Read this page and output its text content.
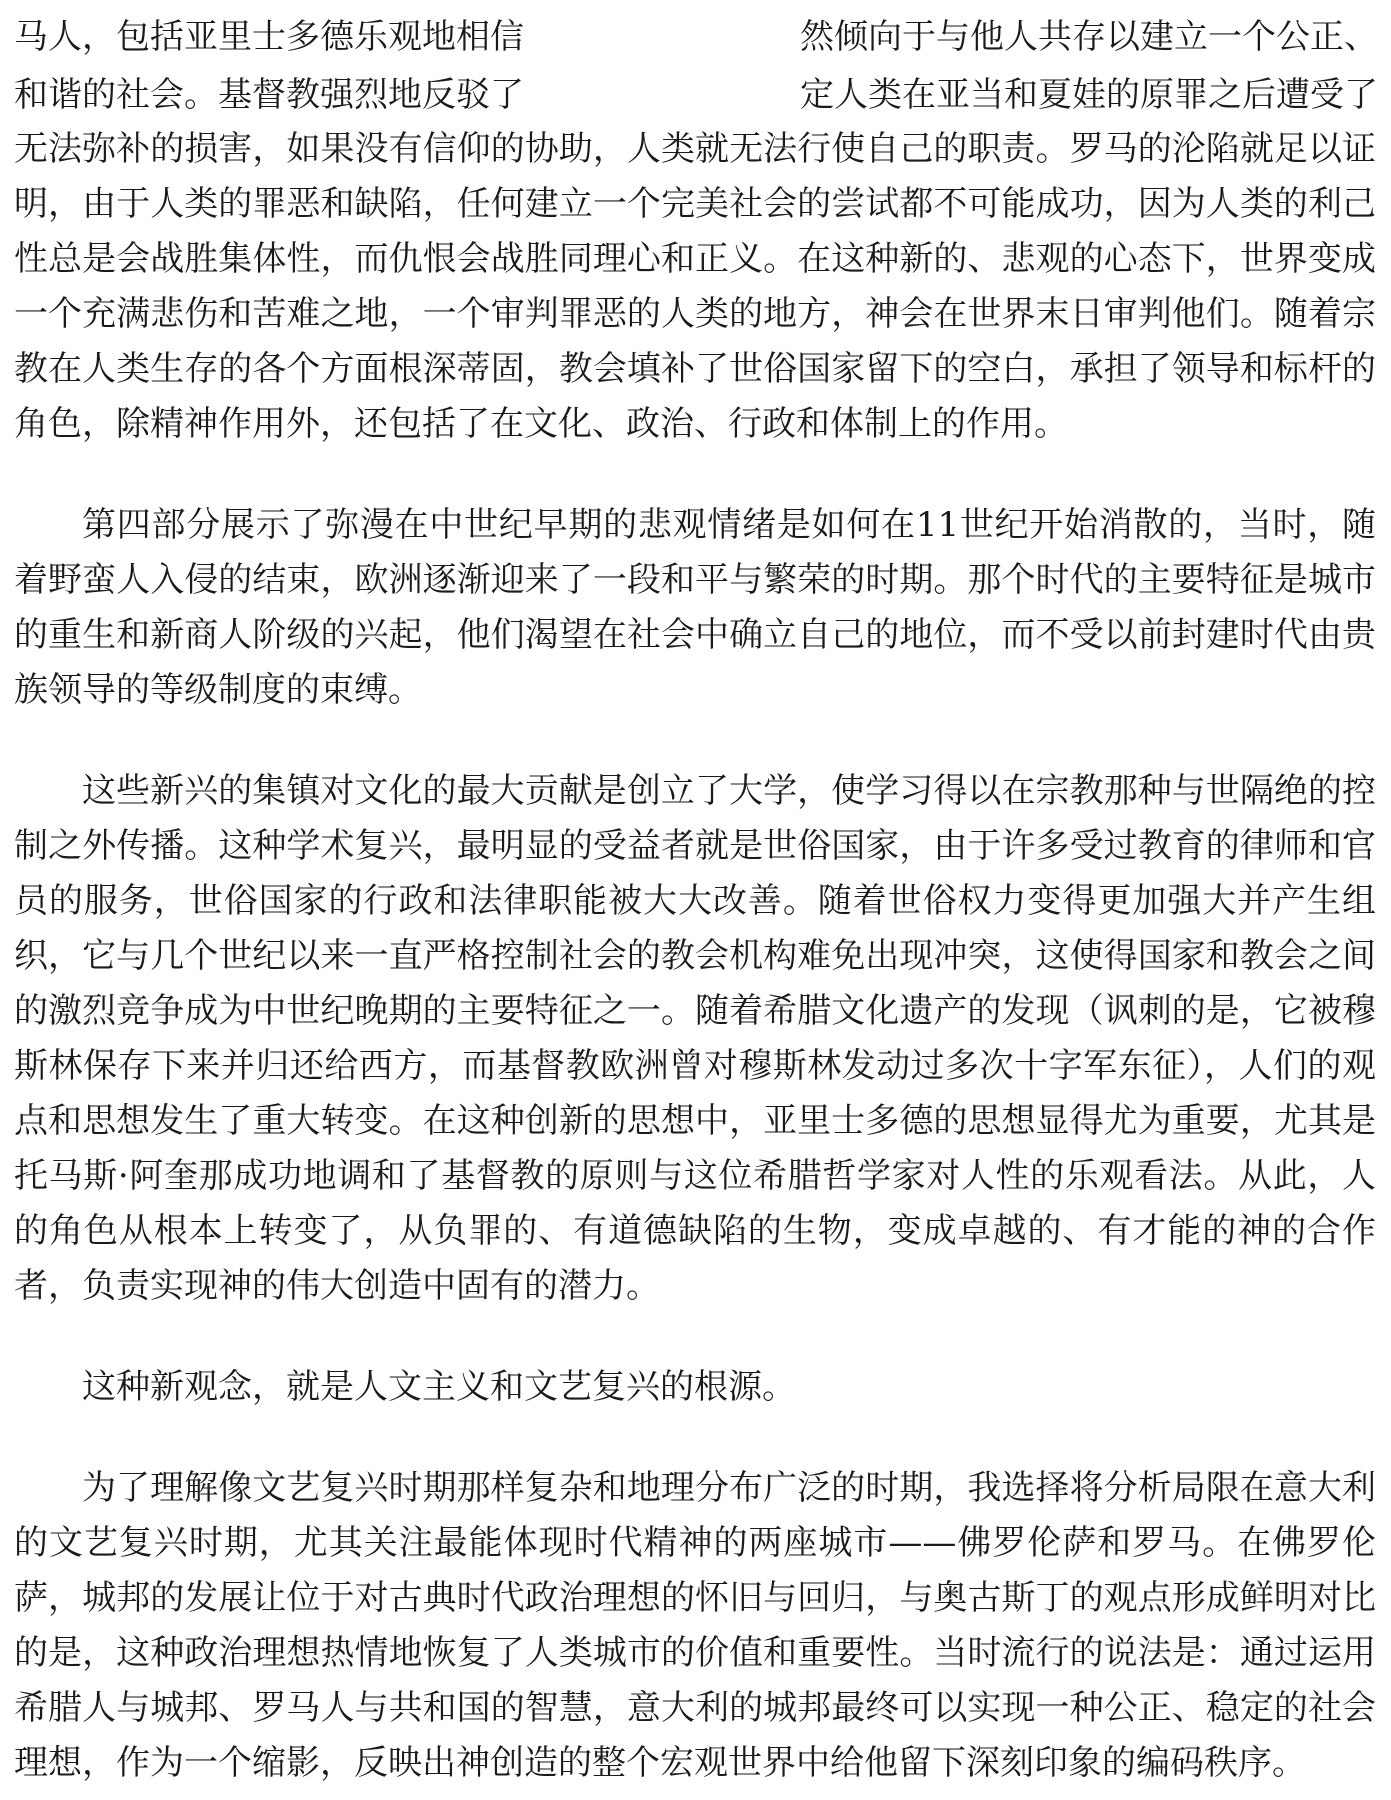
马人，包括亚里士多德乐观地相信	然倾向于与他人共存以建立一个公正、
和谐的社会。基督教强烈地反驳了	定人类在亚当和夏娃的原罪之后遭受了

无法弥补的损害，如果没有信仰的协助，人类就无法行使自己的职责。罗马的沦陷就足以证明，由于人类的罪恶和缺陷，任何建立一个完美社会的尝试都不可能成功，因为人类的利己性总是会战胜集体性，而仇恨会战胜同理心和正义。在这种新的、悲观的心态下，世界变成一个充满悲伤和苦难之地，一个审判罪恶的人类的地方，神会在世界末日审判他们。随着宗教在人类生存的各个方面根深蒂固，教会填补了世俗国家留下的空白，承担了领导和标杆的角色，除精神作用外，还包括了在文化、政治、行政和体制上的作用。

第四部分展示了弥漫在中世纪早期的悲观情绪是如何在11世纪开始消散的，当时，随着野蛮人入侵的结束，欧洲逐渐迎来了一段和平与繁荣的时期。那个时代的主要特征是城市的重生和新商人阶级的兴起，他们渴望在社会中确立自己的地位，而不受以前封建时代由贵族领导的等级制度的束缚。

这些新兴的集镇对文化的最大贡献是创立了大学，使学习得以在宗教那种与世隔绝的控制之外传播。这种学术复兴，最明显的受益者就是世俗国家，由于许多受过教育的律师和官员的服务，世俗国家的行政和法律职能被大大改善。随着世俗权力变得更加强大并产生组织，它与几个世纪以来一直严格控制社会的教会机构难免出现冲突，这使得国家和教会之间的激烈竞争成为中世纪晚期的主要特征之一。随着希腊文化遗产的发现（讽刺的是，它被穆斯林保存下来并归还给西方，而基督教欧洲曾对穆斯林发动过多次十字军东征），人们的观点和思想发生了重大转变。在这种创新的思想中，亚里士多德的思想显得尤为重要，尤其是托马斯·阿奎那成功地调和了基督教的原则与这位希腊哲学家对人性的乐观看法。从此，人的角色从根本上转变了，从负罪的、有道德缺陷的生物，变成卓越的、有才能的神的合作者，负责实现神的伟大创造中固有的潜力。

这种新观念，就是人文主义和文艺复兴的根源。

为了理解像文艺复兴时期那样复杂和地理分布广泛的时期，我选择将分析局限在意大利的文艺复兴时期，尤其关注最能体现时代精神的两座城市——佛罗伦萨和罗马。在佛罗伦萨，城邦的发展让位于对古典时代政治理想的怀旧与回归，与奥古斯丁的观点形成鲜明对比的是，这种政治理想热情地恢复了人类城市的价值和重要性。当时流行的说法是：通过运用希腊人与城邦、罗马人与共和国的智慧，意大利的城邦最终可以实现一种公正、稳定的社会理想，作为一个缩影，反映出神创造的整个宏观世界中给他留下深刻印象的编码秩序。
